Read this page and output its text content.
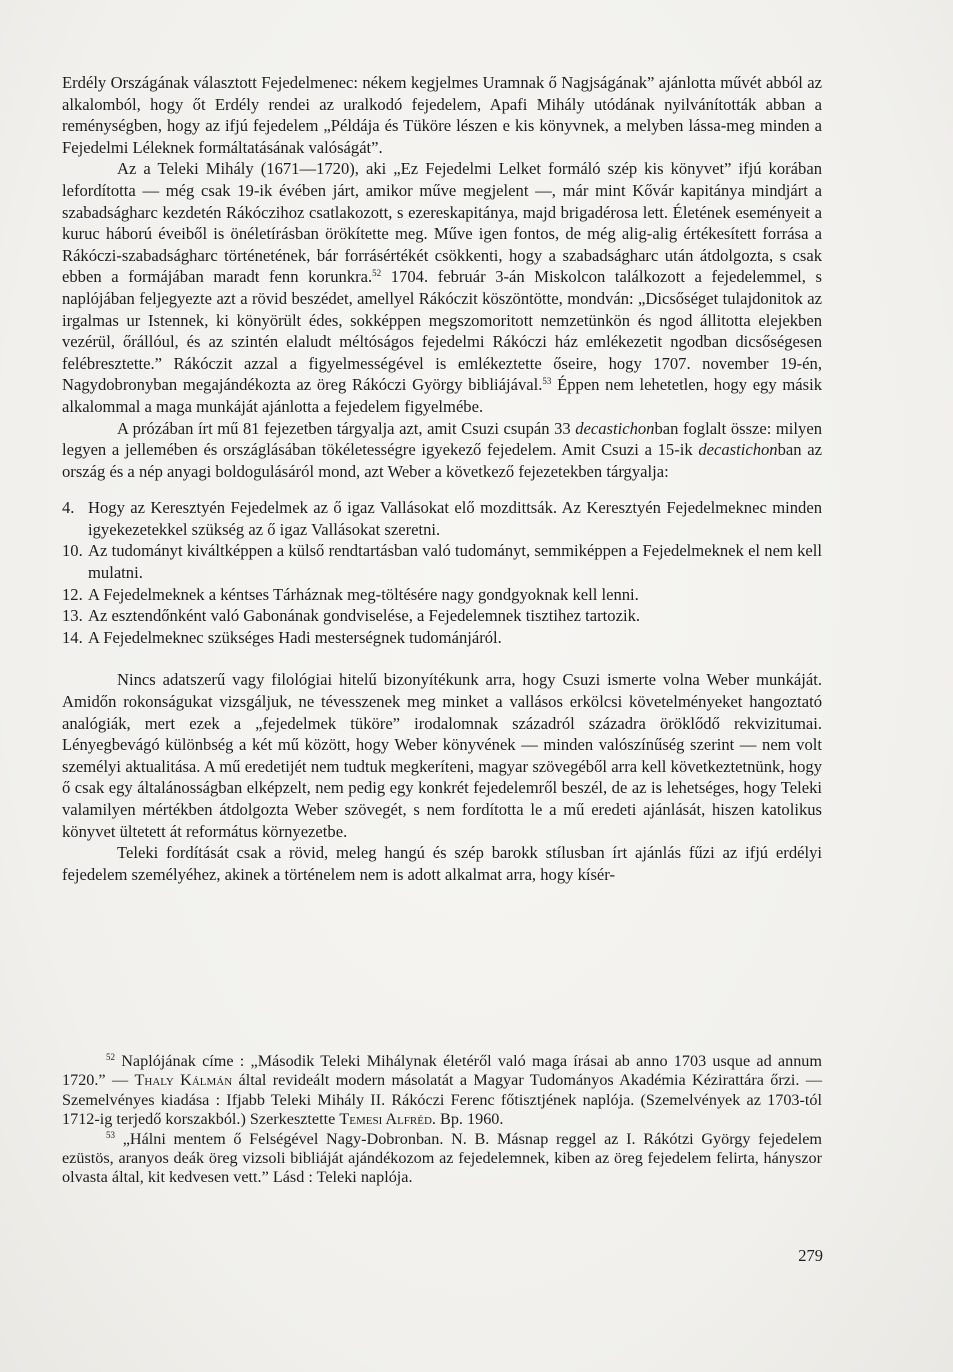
Erdély Országának választott Fejedelmenec: nékem kegjelmes Uramnak ő Nagjságának” ajánlotta művét abból az alkalomból, hogy őt Erdély rendei az uralkodó fejedelem, Apafi Mihály utódának nyilvánították abban a reménységben, hogy az ifjú fejedelem „Példája és Tüköre lészen e kis könyvnek, a melyben lássa-meg minden a Fejedelmi Léleknek formáltatásának valóságát”.

Az a Teleki Mihály (1671—1720), aki „Ez Fejedelmi Lelket formáló szép kis könyvet” ifjú korában lefordította — még csak 19-ik évében járt, amikor műve megjelent —, már mint Kővár kapitánya mindjárt a szabadságharc kezdetén Rákóczihoz csatlakozott, s ezereskapitánya, majd brigadérosa lett. Életének eseményeit a kuruc háború éveiből is önéletírásban örökítette meg. Műve igen fontos, de még alig-alig értékesített forrása a Rákóczi-szabadságharc történetének, bár forrásértékét csökkenti, hogy a szabadságharc után átdolgozta, s csak ebben a formájában maradt fenn korunkra.$^{52}$ 1704. február 3-án Miskolcon találkozott a fejedelemmel, s naplójában feljegyezte azt a rövid beszédet, amellyel Rákóczit köszöntötte, mondván: „Dicsőséget tulajdonitok az irgalmas ur Istennek, ki könyörült édes, sokképpen megszomoritott nemzetünkön és ngod állitotta elejekben vezérül, őrállóul, és az szintén elaludt méltóságos fejedelmi Rákóczi ház emlékezetit ngodban dicsőségesen felébresztette.” Rákóczit azzal a figyelmességével is emlékeztette őseire, hogy 1707. november 19-én, Nagydobronyban megajándékozta az öreg Rákóczi György bibliájával.$^{53}$ Éppen nem lehetetlen, hogy egy másik alkalommal a maga munkáját ajánlotta a fejedelem figyelmébe.

A prózában írt mű 81 fejezetben tárgyalja azt, amit Csuzi csupán 33 decastichonban foglalt össze: milyen legyen a jellemében és országlásában tökéletességre igyekező fejedelem. Amit Csuzi a 15-ik decastichonban az ország és a nép anyagi boldogulásáról mond, azt Weber a következő fejezetekben tárgyalja:

4. Hogy az Keresztyén Fejedelmek az ő igaz Vallásokat elő mozdittsák. Az Keresztyén Fejedelmeknec minden igyekezetekkel szükség az ő igaz Vallásokat szeretni.
10. Az tudományt kiváltképpen a külső rendtartásban való tudományt, semmiképpen a Fejedelmeknek el nem kell mulatni.
12. A Fejedelmeknek a kéntses Tárháznak meg-töltésére nagy gondgyoknak kell lenni.
13. Az esztendőnként való Gabonának gondviselése, a Fejedelemnek tisztihez tartozik.
14. A Fejedelmeknec szükséges Hadi mesterségnek tudománjáról.

Nincs adatszerű vagy filológiai hitelű bizonyítékunk arra, hogy Csuzi ismerte volna Weber munkáját. Amidőn rokonságukat vizsgáljuk, ne tévesszenek meg minket a vallásos erkölcsi követelményeket hangoztató analógiák, mert ezek a „fejedelmek tüköre” irodalomnak századról századra öröklődő rekvizitumai. Lényegbevágó különbség a két mű között, hogy Weber könyvének — minden valószínűség szerint — nem volt személyi aktualitása. A mű eredetijét nem tudtuk megkeríteni, magyar szövegéből arra kell következtetnünk, hogy ő csak egy általánosságban elképzelt, nem pedig egy konkrét fejedelemről beszél, de az is lehetséges, hogy Teleki valamilyen mértékben átdolgozta Weber szövegét, s nem fordította le a mű eredeti ajánlását, hiszen katolikus könyvet ültetett át református környezetbe.

Teleki fordítását csak a rövid, meleg hangú és szép barokk stílusban írt ajánlás fűzi az ifjú erdélyi fejedelem személyéhez, akinek a történelem nem is adott alkalmat arra, hogy kísér-

$^{52}$ Naplójának címe : „Második Teleki Mihálynak életéről való maga írásai ab anno 1703 usque ad annum 1720.” — Thaly Kálmán által revideált modern másolatát a Magyar Tudományos Akadémia Kézirattára őrzi. — Szemelvényes kiadása : Ifjabb Teleki Mihály II. Rákóczi Ferenc főtisztjének naplója. (Szemelvények az 1703-tól 1712-ig terjedő korszakból.) Szerkesztette Temesi Alfréd. Bp. 1960.

$^{53}$ „Hálni mentem ő Felségével Nagy-Dobronban. N. B. Másnap reggel az I. Rákótzi György fejedelem ezüstös, aranyos deák öreg vizsoli bibliáját ajándékozom az fejedelemnek, kiben az öreg fejedelem felirta, hányszor olvasta által, kit kedvesen vett.” Lásd : Teleki naplója.

279
